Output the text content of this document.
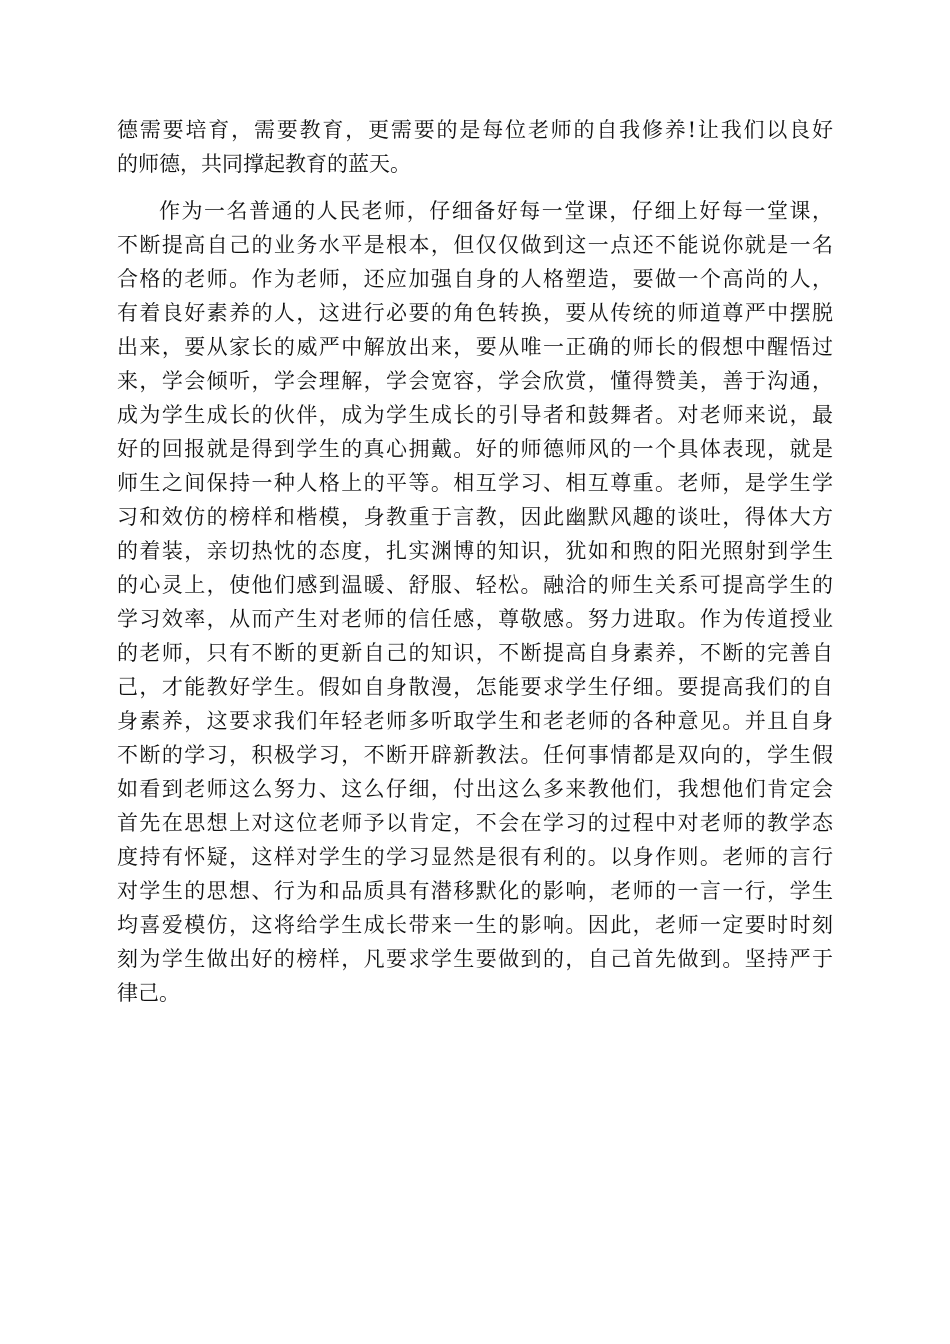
德需要培育，需要教育，更需要的是每位老师的自我修养!让我们以良好
的师德，共同撑起教育的蓝天。
作为一名普通的人民老师，仔细备好每一堂课，仔细上好每一堂课，
不断提高自己的业务水平是根本，但仅仅做到这一点还不能说你就是一名
合格的老师。作为老师，还应加强自身的人格塑造，要做一个高尚的人，
有着良好素养的人，这进行必要的角色转换，要从传统的师道尊严中摆脱
出来，要从家长的威严中解放出来，要从唯一正确的师长的假想中醒悟过
来，学会倾听，学会理解，学会宽容，学会欣赏，懂得赞美，善于沟通，
成为学生成长的伙伴，成为学生成长的引导者和鼓舞者。对老师来说，最
好的回报就是得到学生的真心拥戴。好的师德师风的一个具体表现，就是
师生之间保持一种人格上的平等。相互学习、相互尊重。老师，是学生学
习和效仿的榜样和楷模，身教重于言教，因此幽默风趣的谈吐，得体大方
的着装，亲切热忱的态度，扎实渊博的知识，犹如和煦的阳光照射到学生
的心灵上，使他们感到温暖、舒服、轻松。融洽的师生关系可提高学生的
学习效率，从而产生对老师的信任感，尊敬感。努力进取。作为传道授业
的老师，只有不断的更新自己的知识，不断提高自身素养，不断的完善自
己，才能教好学生。假如自身散漫，怎能要求学生仔细。要提高我们的自
身素养，这要求我们年轻老师多听取学生和老老师的各种意见。并且自身
不断的学习，积极学习，不断开辟新教法。任何事情都是双向的，学生假
如看到老师这么努力、这么仔细，付出这么多来教他们，我想他们肯定会
首先在思想上对这位老师予以肯定，不会在学习的过程中对老师的教学态
度持有怀疑，这样对学生的学习显然是很有利的。以身作则。老师的言行
对学生的思想、行为和品质具有潜移默化的影响，老师的一言一行，学生
均喜爱模仿，这将给学生成长带来一生的影响。因此，老师一定要时时刻
刻为学生做出好的榜样，凡要求学生要做到的，自己首先做到。坚持严于
律己。
